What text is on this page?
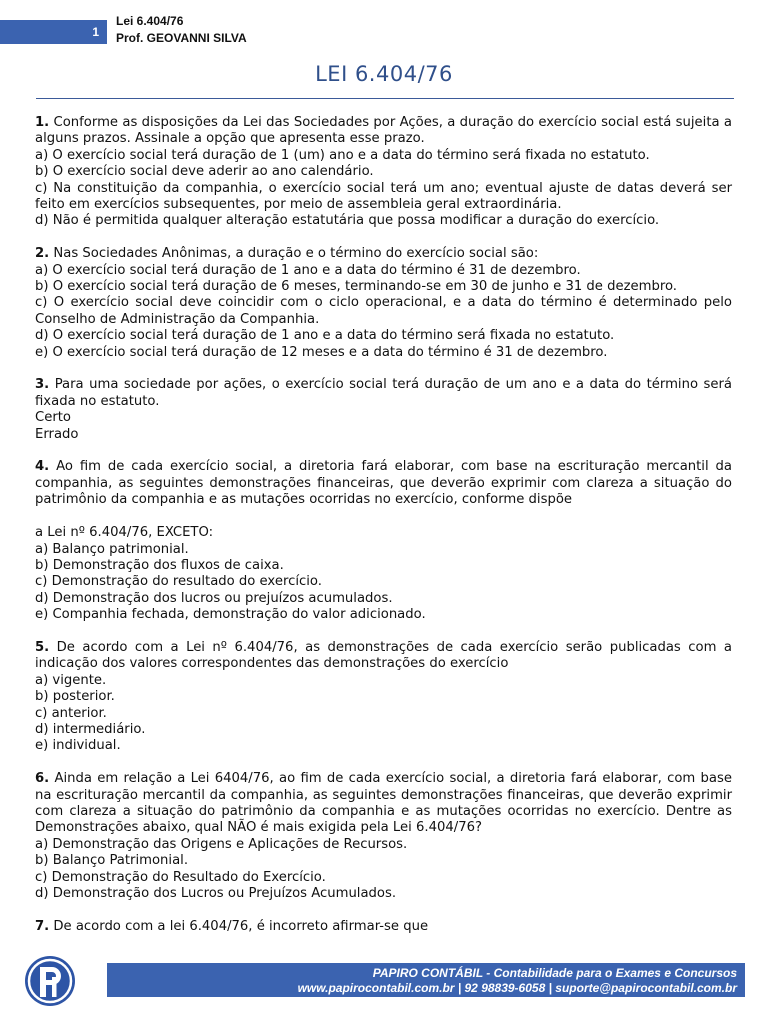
1
Lei 6.404/76
Prof. GEOVANNI SILVA
LEI 6.404/76

1. Conforme as disposições da Lei das Sociedades por Ações, a duração do exercício social está sujeita a alguns prazos. Assinale a opção que apresenta esse prazo.

a) O exercício social terá duração de 1 (um) ano e a data do término será fixada no estatuto.

b) O exercício social deve aderir ao ano calendário.

c) Na constituição da companhia, o exercício social terá um ano; eventual ajuste de datas deverá ser feito em exercícios subsequentes, por meio de assembleia geral extraordinária.

d) Não é permitida qualquer alteração estatutária que possa modificar a duração do exercício.

2. Nas Sociedades Anônimas, a duração e o término do exercício social são:

a) O exercício social terá duração de 1 ano e a data do término é 31 de dezembro.

b) O exercício social terá duração de 6 meses, terminando-se em 30 de junho e 31 de dezembro.

c) O exercício social deve coincidir com o ciclo operacional, e a data do término é determinado pelo Conselho de Administração da Companhia.

d) O exercício social terá duração de 1 ano e a data do término será fixada no estatuto.

e) O exercício social terá duração de 12 meses e a data do término é 31 de dezembro.

3. Para uma sociedade por ações, o exercício social terá duração de um ano e a data do término será fixada no estatuto.

Certo

Errado

4. Ao fim de cada exercício social, a diretoria fará elaborar, com base na escrituração mercantil da companhia, as seguintes demonstrações financeiras, que deverão exprimir com clareza a situação do patrimônio da companhia e as mutações ocorridas no exercício, conforme dispõe

a Lei nº 6.404/76, EXCETO:

a) Balanço patrimonial.

b) Demonstração dos fluxos de caixa.

c) Demonstração do resultado do exercício.

d) Demonstração dos lucros ou prejuízos acumulados.

e) Companhia fechada, demonstração do valor adicionado.

5. De acordo com a Lei nº 6.404/76, as demonstrações de cada exercício serão publicadas com a indicação dos valores correspondentes das demonstrações do exercício

a) vigente.

b) posterior.

c) anterior.

d) intermediário.

e) individual.

6. Ainda em relação a Lei 6404/76, ao fim de cada exercício social, a diretoria fará elaborar, com base na escrituração mercantil da companhia, as seguintes demonstrações financeiras, que deverão exprimir com clareza a situação do patrimônio da companhia e as mutações ocorridas no exercício. Dentre as Demonstrações abaixo, qual NÃO é mais exigida pela Lei 6.404/76?

a) Demonstração das Origens e Aplicações de Recursos.

b) Balanço Patrimonial.

c) Demonstração do Resultado do Exercício.

d) Demonstração dos Lucros ou Prejuízos Acumulados.

7. De acordo com a lei 6.404/76, é incorreto afirmar-se que

PAPIRO CONTÁBIL - Contabilidade para o Exames e Concursos
www.papirocontabil.com.br | 92 98839-6058 | suporte@papirocontabil.com.br
